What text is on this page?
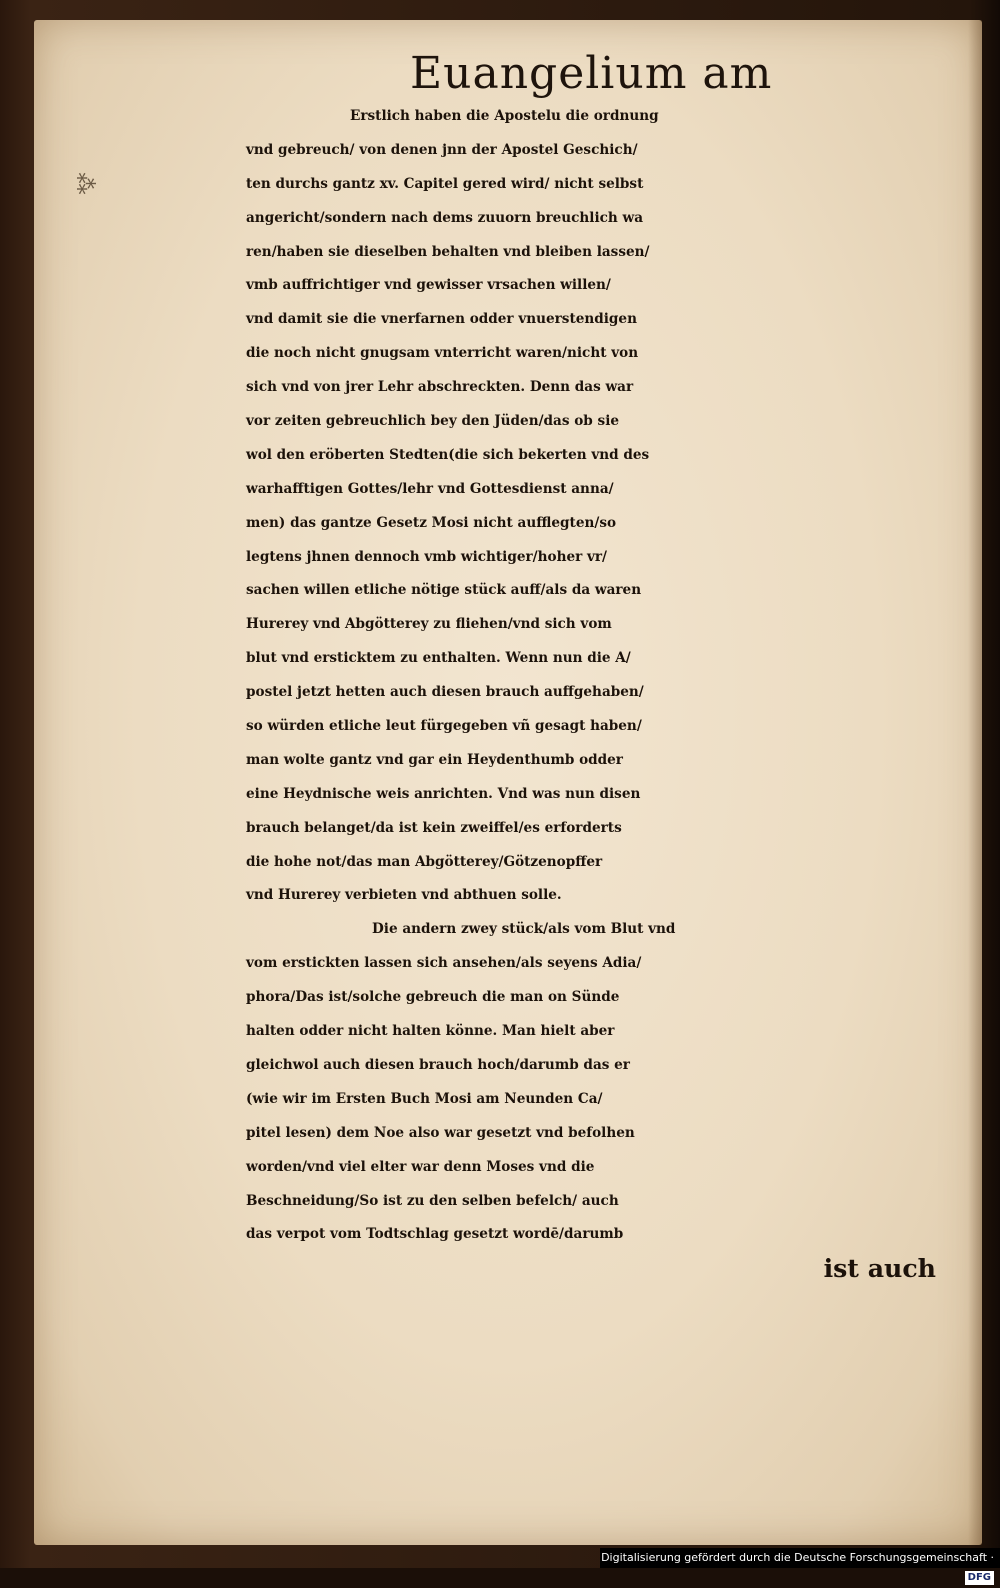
⁂
Euangelium am
Erstlich haben die Apostelu die ordnung
vnd gebreuch/ von denen jnn der Apostel Geschich/
ten durchs gantz xv. Capitel gered wird/ nicht selbst
angericht/sondern nach dems zuuorn breuchlich wa
ren/haben sie dieselben behalten vnd bleiben lassen/
vmb auffrichtiger vnd gewisser vrsachen willen/
vnd damit sie die vnerfarnen odder vnuerstendigen
die noch nicht gnugsam vnterricht waren/nicht von
sich vnd von jrer Lehr abschreckten. Denn das war
vor zeiten gebreuchlich bey den Jüden/das ob sie
wol den eröberten Stedten(die sich bekerten vnd des
warhafftigen Gottes/lehr vnd Gottesdienst anna/
men) das gantze Gesetz Mosi nicht aufflegten/so
legtens jhnen dennoch vmb wichtiger/hoher vr/
sachen willen etliche nötige stück auff/als da waren
Hurerey vnd Abgötterey zu fliehen/vnd sich vom
blut vnd ersticktem zu enthalten. Wenn nun die A/
postel jetzt hetten auch diesen brauch auffgehaben/
so würden etliche leut fürgegeben vñ gesagt haben/
man wolte gantz vnd gar ein Heydenthumb odder
eine Heydnische weis anrichten. Vnd was nun disen
brauch belanget/da ist kein zweiffel/es erforderts
die hohe not/das man Abgötterey/Götzenopffer
vnd Hurerey verbieten vnd abthuen solle.
Die andern zwey stück/als vom Blut vnd
vom erstickten lassen sich ansehen/als seyens Adia/
phora/Das ist/solche gebreuch die man on Sünde
halten odder nicht halten könne. Man hielt aber
gleichwol auch diesen brauch hoch/darumb das er
(wie wir im Ersten Buch Mosi am Neunden Ca/
pitel lesen) dem Noe also war gesetzt vnd befolhen
worden/vnd viel elter war denn Moses vnd die
Beschneidung/So ist zu den selben befelch/ auch
das verpot vom Todtschlag gesetzt wordē/darumb
ist auch
Digitalisierung gefördert durch die Deutsche Forschungsgemeinschaft ·DFG
